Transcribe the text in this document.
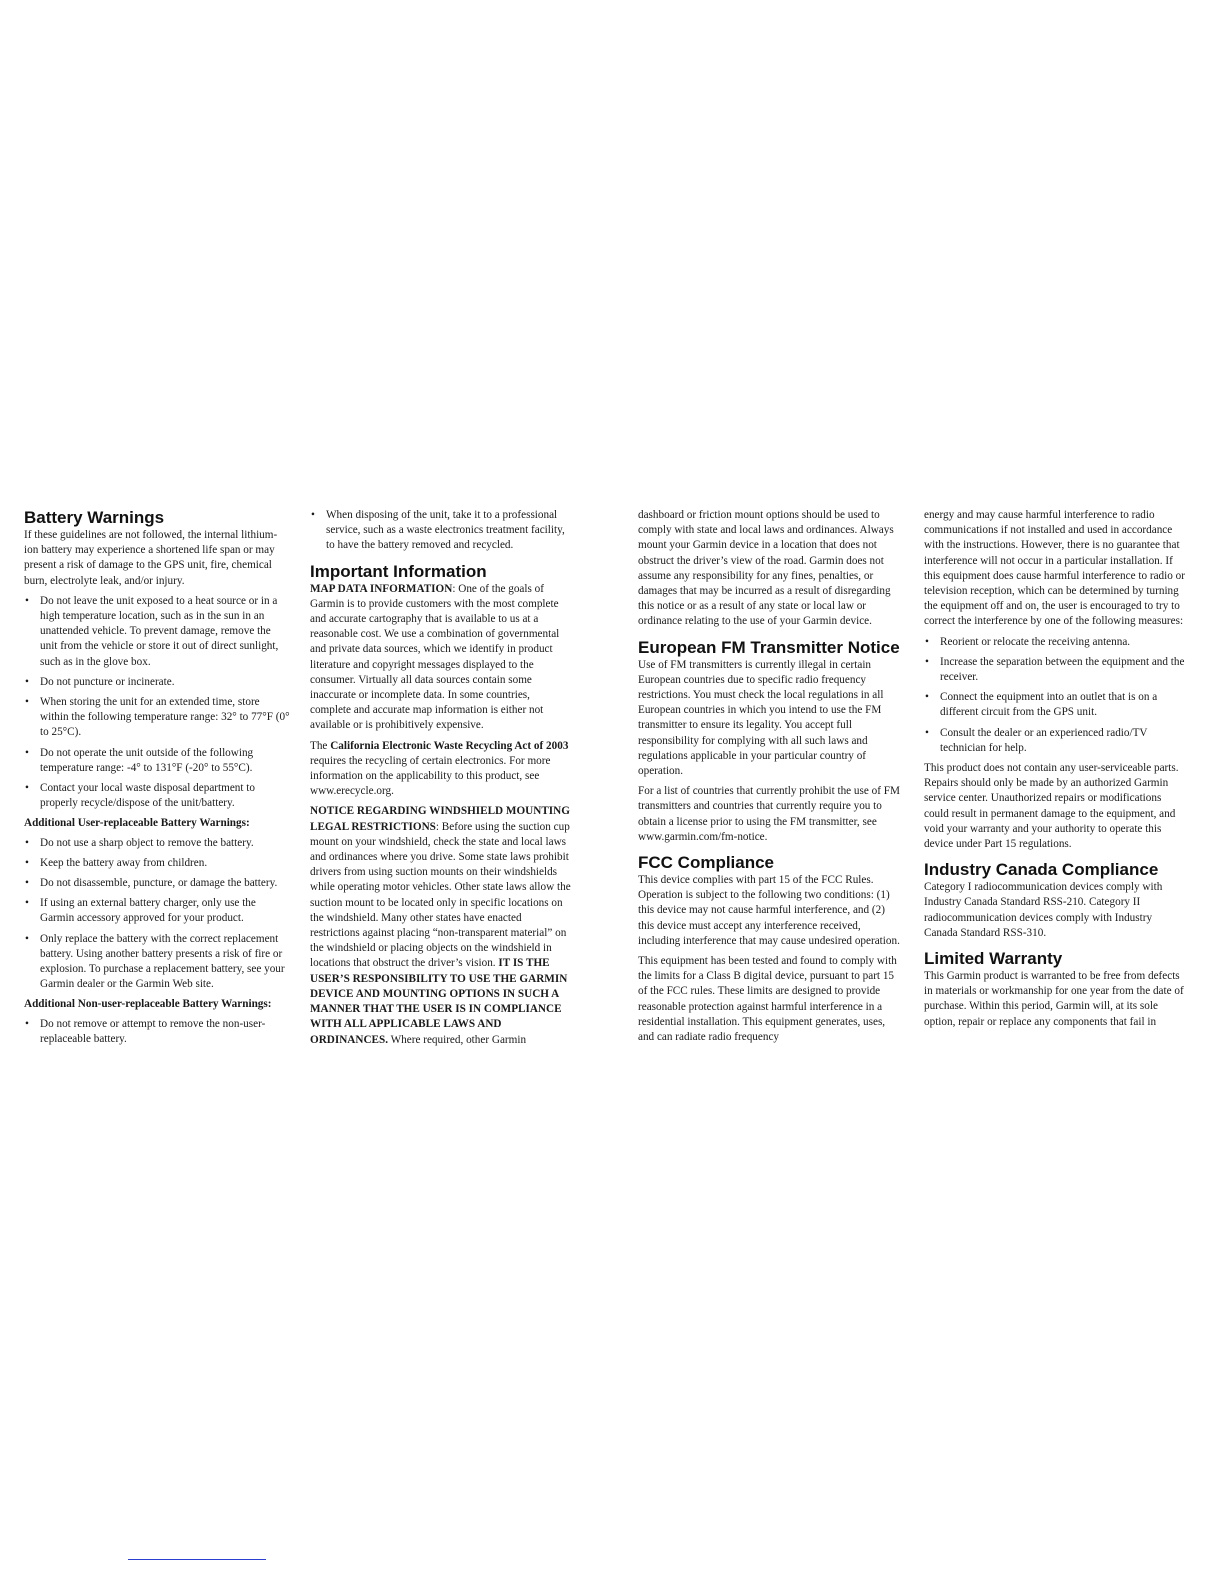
Battery Warnings

If these guidelines are not followed, the internal lithium-ion battery may experience a shortened life span or may present a risk of damage to the GPS unit, fire, chemical burn, electrolyte leak, and/or injury.

• Do not leave the unit exposed to a heat source or in a high temperature location, such as in the sun in an unattended vehicle. To prevent damage, remove the unit from the vehicle or store it out of direct sunlight, such as in the glove box.
• Do not puncture or incinerate.
• When storing the unit for an extended time, store within the following temperature range: 32° to 77°F (0° to 25°C).
• Do not operate the unit outside of the following temperature range: -4° to 131°F (-20° to 55°C).
• Contact your local waste disposal department to properly recycle/dispose of the unit/battery.
Additional User-replaceable Battery Warnings:
• Do not use a sharp object to remove the battery.
• Keep the battery away from children.
• Do not disassemble, puncture, or damage the battery.
• If using an external battery charger, only use the Garmin accessory approved for your product.
• Only replace the battery with the correct replacement battery. Using another battery presents a risk of fire or explosion. To purchase a replacement battery, see your Garmin dealer or the Garmin Web site.
Additional Non-user-replaceable Battery Warnings:
• Do not remove or attempt to remove the non-user-replaceable battery.
• When disposing of the unit, take it to a professional service, such as a waste electronics treatment facility, to have the battery removed and recycled.
Important Information

MAP DATA INFORMATION: One of the goals of Garmin is to provide customers with the most complete and accurate cartography that is available to us at a reasonable cost. We use a combination of governmental and private data sources, which we identify in product literature and copyright messages displayed to the consumer. Virtually all data sources contain some inaccurate or incomplete data. In some countries, complete and accurate map information is either not available or is prohibitively expensive.

The California Electronic Waste Recycling Act of 2003 requires the recycling of certain electronics. For more information on the applicability to this product, see www.erecycle.org.

NOTICE REGARDING WINDSHIELD MOUNTING LEGAL RESTRICTIONS: Before using the suction cup mount on your windshield, check the state and local laws and ordinances where you drive. Some state laws prohibit drivers from using suction mounts on their windshields while operating motor vehicles. Other state laws allow the suction mount to be located only in specific locations on the windshield. Many other states have enacted restrictions against placing “non-transparent material” on the windshield or placing objects on the windshield in locations that obstruct the driver’s vision. IT IS THE USER’S RESPONSIBILITY TO USE THE GARMIN DEVICE AND MOUNTING OPTIONS IN SUCH A MANNER THAT THE USER IS IN COMPLIANCE WITH ALL APPLICABLE LAWS AND ORDINANCES. Where required, other Garmin

dashboard or friction mount options should be used to comply with state and local laws and ordinances. Always mount your Garmin device in a location that does not obstruct the driver’s view of the road. Garmin does not assume any responsibility for any fines, penalties, or damages that may be incurred as a result of disregarding this notice or as a result of any state or local law or ordinance relating to the use of your Garmin device.

European FM Transmitter Notice

Use of FM transmitters is currently illegal in certain European countries due to specific radio frequency restrictions. You must check the local regulations in all European countries in which you intend to use the FM transmitter to ensure its legality. You accept full responsibility for complying with all such laws and regulations applicable in your particular country of operation.

For a list of countries that currently prohibit the use of FM transmitters and countries that currently require you to obtain a license prior to using the FM transmitter, see www.garmin.com/fm-notice.

FCC Compliance

This device complies with part 15 of the FCC Rules. Operation is subject to the following two conditions: (1) this device may not cause harmful interference, and (2) this device must accept any interference received, including interference that may cause undesired operation.

This equipment has been tested and found to comply with the limits for a Class B digital device, pursuant to part 15 of the FCC rules. These limits are designed to provide reasonable protection against harmful interference in a residential installation. This equipment generates, uses, and can radiate radio frequency

energy and may cause harmful interference to radio communications if not installed and used in accordance with the instructions. However, there is no guarantee that interference will not occur in a particular installation. If this equipment does cause harmful interference to radio or television reception, which can be determined by turning the equipment off and on, the user is encouraged to try to correct the interference by one of the following measures:

• Reorient or relocate the receiving antenna.
• Increase the separation between the equipment and the receiver.
• Connect the equipment into an outlet that is on a different circuit from the GPS unit.
• Consult the dealer or an experienced radio/TV technician for help.

This product does not contain any user-serviceable parts. Repairs should only be made by an authorized Garmin service center. Unauthorized repairs or modifications could result in permanent damage to the equipment, and void your warranty and your authority to operate this device under Part 15 regulations.

Industry Canada Compliance

Category I radiocommunication devices comply with Industry Canada Standard RSS-210. Category II radiocommunication devices comply with Industry Canada Standard RSS-310.

Limited Warranty

This Garmin product is warranted to be free from defects in materials or workmanship for one year from the date of purchase. Within this period, Garmin will, at its sole option, repair or replace any components that fail in
